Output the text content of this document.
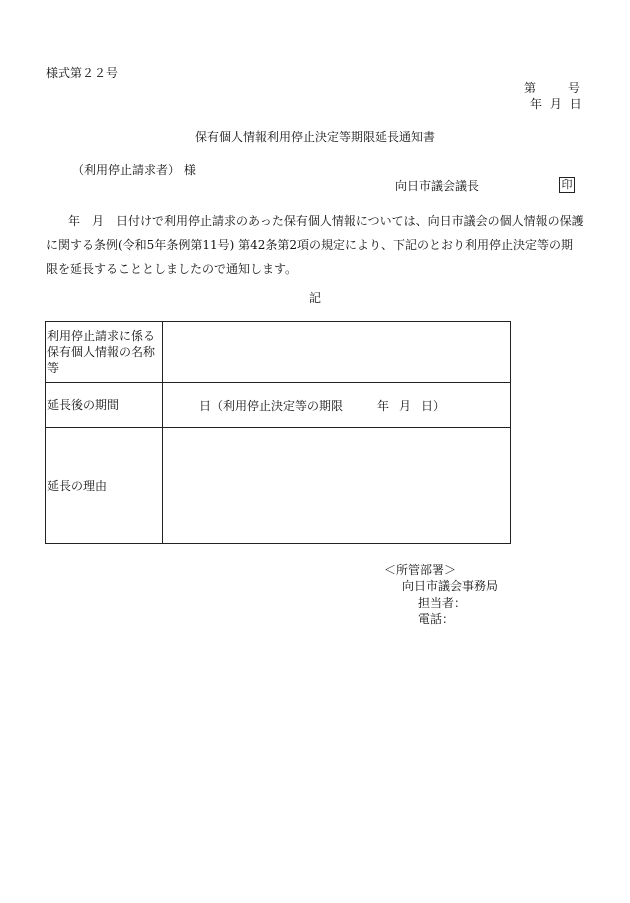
様式第２２号
第	号
年 月 日
保有個人情報利用停止決定等期限延長通知書
（利用停止請求者） 様
向日市議会議長	印
年　月　日付けで利用停止請求のあった保有個人情報については、向日市議会の個人情報の保護に関する条例(令和5年条例第11号) 第42条第2項の規定により、下記のとおり利用停止決定等の期限を延長することとしましたので通知します。
記
利用停止請求に係る保有個人情報の名称等	
延長後の期間	日（利用停止決定等の期限 年 月 日）
延長の理由	
＜所管部署＞
向日市議会事務局
担当者：
電話：
